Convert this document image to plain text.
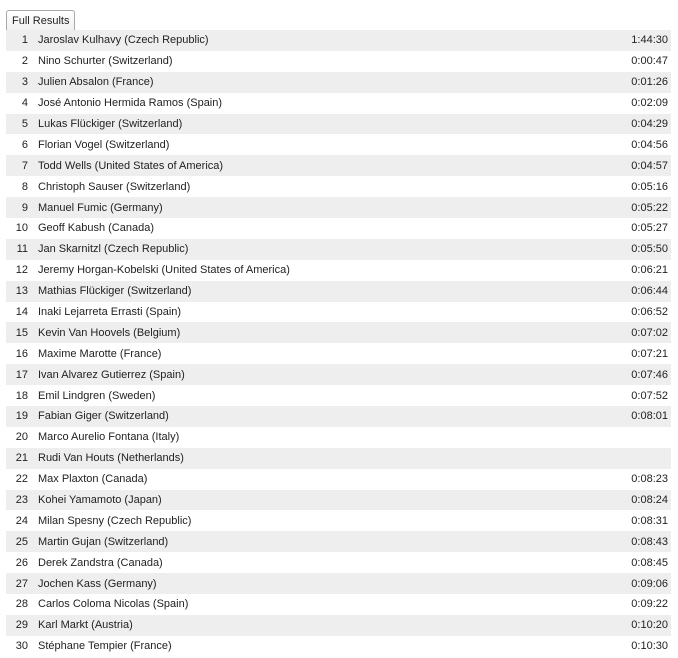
Full Results
1 Jaroslav Kulhavy (Czech Republic)	1:44:30
2 Nino Schurter (Switzerland)	0:00:47
3 Julien Absalon (France)	0:01:26
4 José Antonio Hermida Ramos (Spain)	0:02:09
5 Lukas Flückiger (Switzerland)	0:04:29
6 Florian Vogel (Switzerland)	0:04:56
7 Todd Wells (United States of America)	0:04:57
8 Christoph Sauser (Switzerland)	0:05:16
9 Manuel Fumic (Germany)	0:05:22
10 Geoff Kabush (Canada)	0:05:27
11 Jan Skarnitzl (Czech Republic)	0:05:50
12 Jeremy Horgan-Kobelski (United States of America)	0:06:21
13 Mathias Flückiger (Switzerland)	0:06:44
14 Inaki Lejarreta Errasti (Spain)	0:06:52
15 Kevin Van Hoovels (Belgium)	0:07:02
16 Maxime Marotte (France)	0:07:21
17 Ivan Alvarez Gutierrez (Spain)	0:07:46
18 Emil Lindgren (Sweden)	0:07:52
19 Fabian Giger (Switzerland)	0:08:01
20 Marco Aurelio Fontana (Italy)
21 Rudi Van Houts (Netherlands)
22 Max Plaxton (Canada)	0:08:23
23 Kohei Yamamoto (Japan)	0:08:24
24 Milan Spesny (Czech Republic)	0:08:31
25 Martin Gujan (Switzerland)	0:08:43
26 Derek Zandstra (Canada)	0:08:45
27 Jochen Kass (Germany)	0:09:06
28 Carlos Coloma Nicolas (Spain)	0:09:22
29 Karl Markt (Austria)	0:10:20
30 Stéphane Tempier (France)	0:10:30
